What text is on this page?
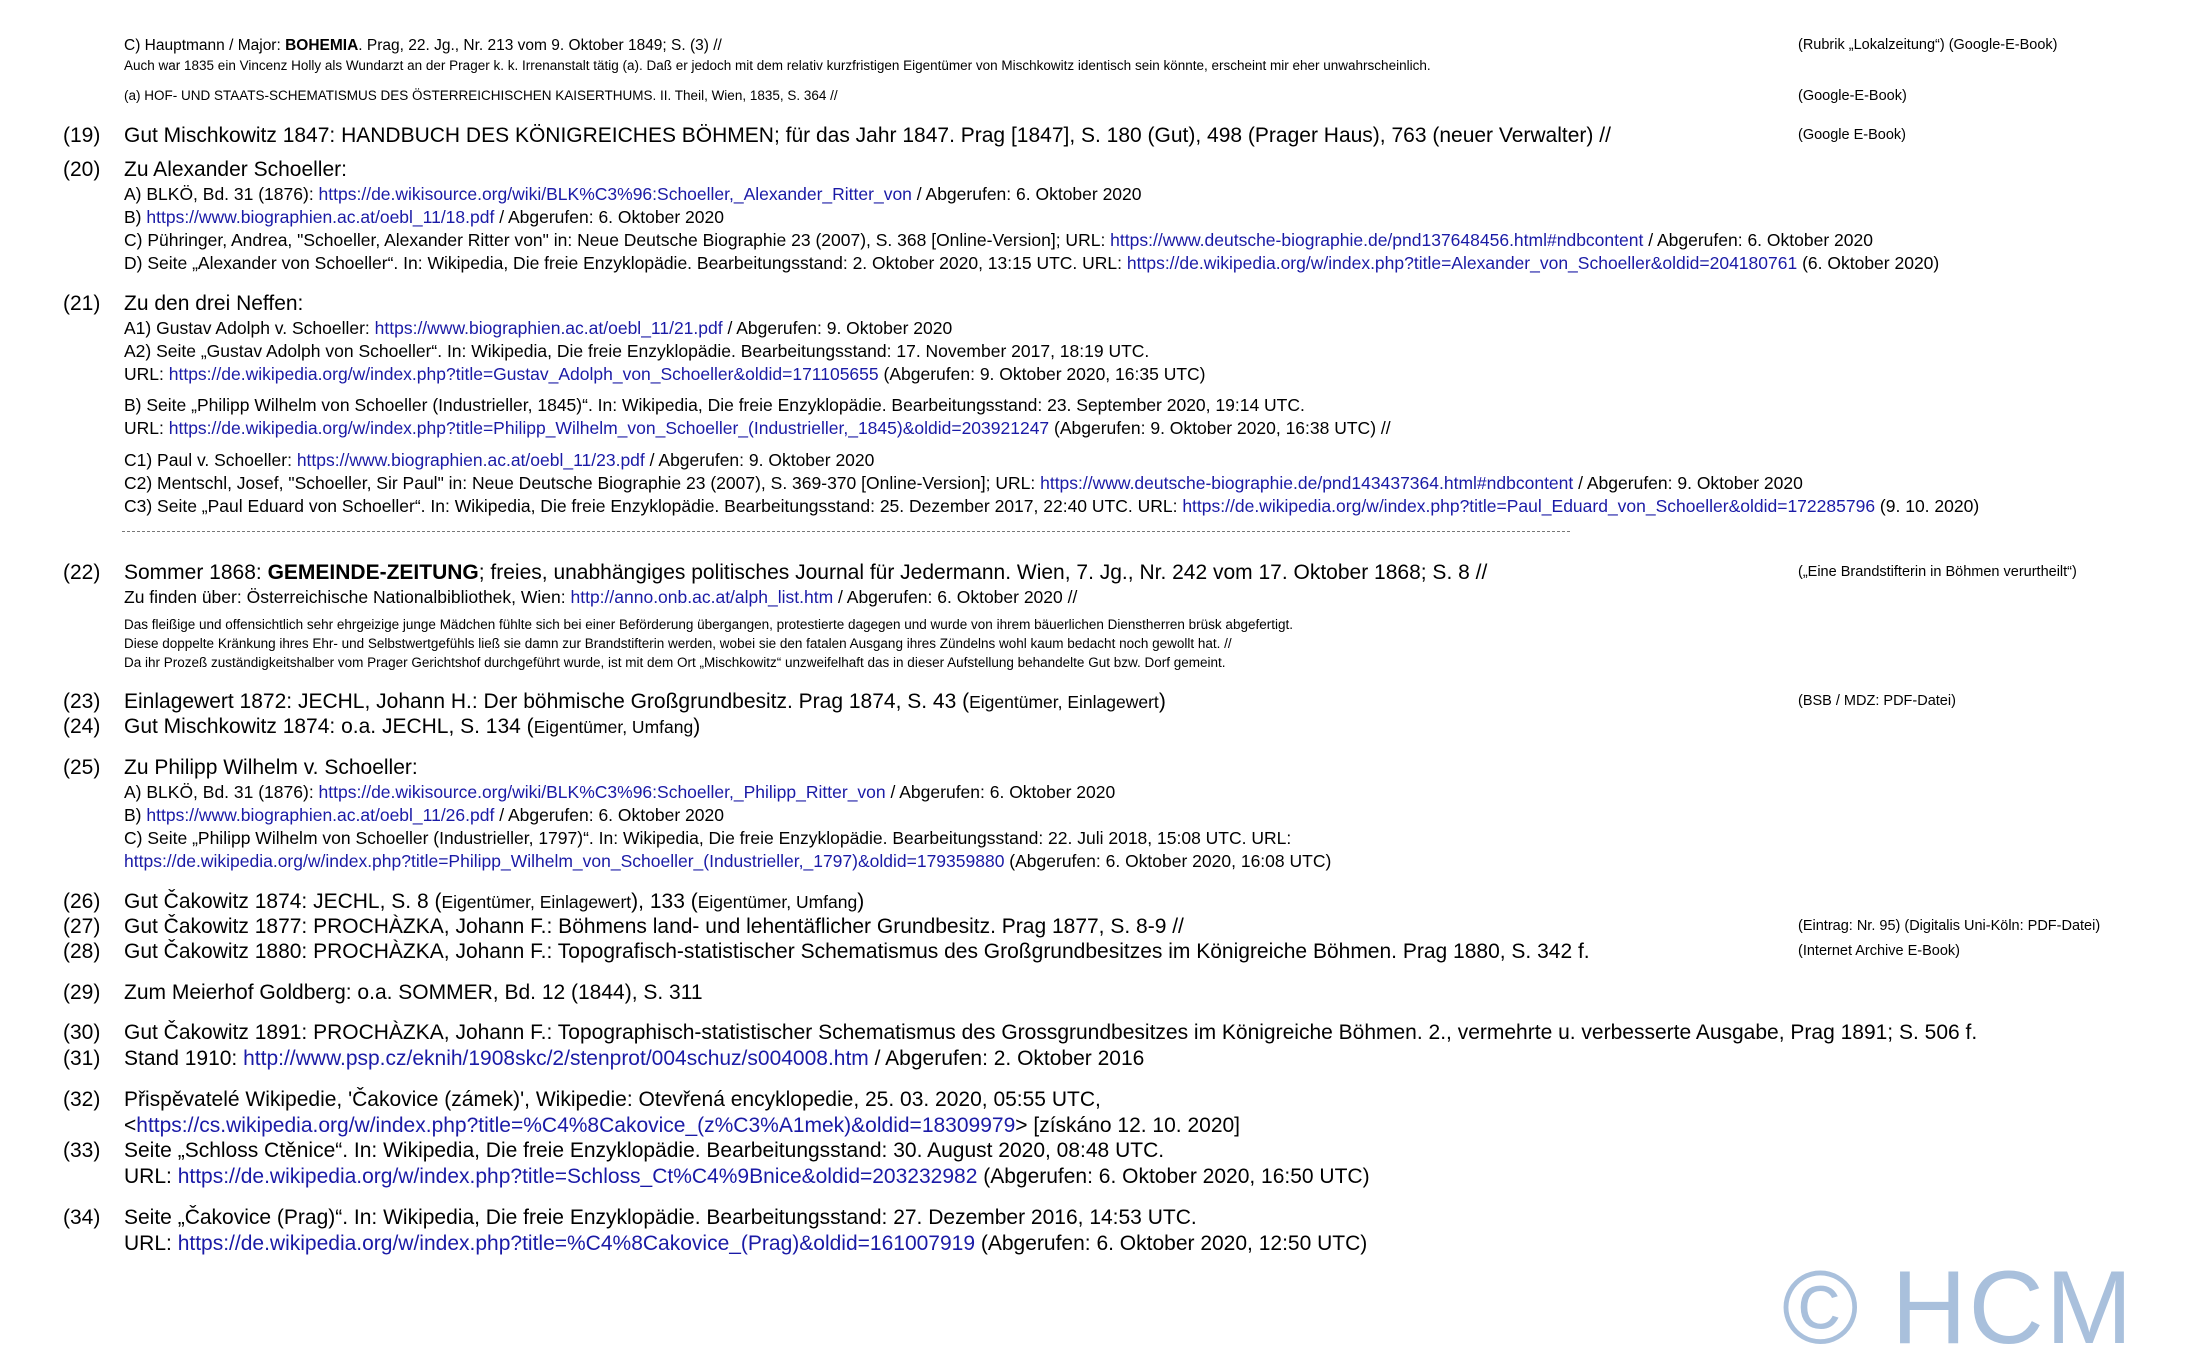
C) Hauptmann / Major: BOHEMIA. Prag, 22. Jg., Nr. 213 vom 9. Oktober 1849; S. (3) //	(Rubrik „Lokalzeitung“) (Google-E-Book)
Auch war 1835 ein Vincenz Holly als Wundarzt an der Prager k. k. Irrenanstalt tätig (a). Daß er jedoch mit dem relativ kurzfristigen Eigentümer von Mischkowitz identisch sein könnte, erscheint mir eher unwahrscheinlich.
(a) HOF- UND STAATS-SCHEMATISMUS DES ÖSTERREICHISCHEN KAISERTHUMS. II. Theil, Wien, 1835, S. 364 //	(Google-E-Book)
(19) Gut Mischkowitz 1847: HANDBUCH DES KÖNIGREICHES BÖHMEN; für das Jahr 1847. Prag [1847], S. 180 (Gut), 498 (Prager Haus), 763 (neuer Verwalter) //	(Google E-Book)
(20) Zu Alexander Schoeller:
A) BLKÖ, Bd. 31 (1876): https://de.wikisource.org/wiki/BLK%C3%96:Schoeller,_Alexander_Ritter_von / Abgerufen: 6. Oktober 2020
B) https://www.biographien.ac.at/oebl_11/18.pdf / Abgerufen: 6. Oktober 2020
C) Pühringer, Andrea, "Schoeller, Alexander Ritter von" in: Neue Deutsche Biographie 23 (2007), S. 368 [Online-Version]; URL: https://www.deutsche-biographie.de/pnd137648456.html#ndbcontent / Abgerufen: 6. Oktober 2020
D) Seite „Alexander von Schoeller“. In: Wikipedia, Die freie Enzyklopädie. Bearbeitungsstand: 2. Oktober 2020, 13:15 UTC. URL: https://de.wikipedia.org/w/index.php?title=Alexander_von_Schoeller&oldid=204180761 (6. Oktober 2020)
(21) Zu den drei Neffen:
A1) Gustav Adolph v. Schoeller: https://www.biographien.ac.at/oebl_11/21.pdf / Abgerufen: 9. Oktober 2020
A2) Seite „Gustav Adolph von Schoeller“. In: Wikipedia, Die freie Enzyklopädie. Bearbeitungsstand: 17. November 2017, 18:19 UTC.
URL: https://de.wikipedia.org/w/index.php?title=Gustav_Adolph_von_Schoeller&oldid=171105655 (Abgerufen: 9. Oktober 2020, 16:35 UTC)
B) Seite „Philipp Wilhelm von Schoeller (Industrieller, 1845)“. In: Wikipedia, Die freie Enzyklopädie. Bearbeitungsstand: 23. September 2020, 19:14 UTC.
URL: https://de.wikipedia.org/w/index.php?title=Philipp_Wilhelm_von_Schoeller_(Industrieller,_1845)&oldid=203921247 (Abgerufen: 9. Oktober 2020, 16:38 UTC) //
C1) Paul v. Schoeller: https://www.biographien.ac.at/oebl_11/23.pdf / Abgerufen: 9. Oktober 2020
C2) Mentschl, Josef, "Schoeller, Sir Paul" in: Neue Deutsche Biographie 23 (2007), S. 369-370 [Online-Version]; URL: https://www.deutsche-biographie.de/pnd143437364.html#ndbcontent / Abgerufen: 9. Oktober 2020
C3) Seite „Paul Eduard von Schoeller“. In: Wikipedia, Die freie Enzyklopädie. Bearbeitungsstand: 25. Dezember 2017, 22:40 UTC. URL: https://de.wikipedia.org/w/index.php?title=Paul_Eduard_von_Schoeller&oldid=172285796 (9. 10. 2020)
(22) Sommer 1868: GEMEINDE-ZEITUNG; freies, unabhängiges politisches Journal für Jedermann. Wien, 7. Jg., Nr. 242 vom 17. Oktober 1868; S. 8 //	(„Eine Brandstifterin in Böhmen verurtheilt“)
Zu finden über: Österreichische Nationalbibliothek, Wien: http://anno.onb.ac.at/alph_list.htm / Abgerufen: 6. Oktober 2020 //
Das fleißige und offensichtlich sehr ehrgeizige junge Mädchen fühlte sich bei einer Beförderung übergangen, protestierte dagegen und wurde von ihrem bäuerlichen Dienstherren brüsk abgefertigt.
Diese doppelte Kränkung ihres Ehr- und Selbstwertgefühls ließ sie damn zur Brandstifterin werden, wobei sie den fatalen Ausgang ihres Zündelns wohl kaum bedacht noch gewollt hat. //
Da ihr Prozeß zuständigkeitshalber vom Prager Gerichtshof durchgeführt wurde, ist mit dem Ort „Mischkowitz“ unzweifelhaft das in dieser Aufstellung behandelte Gut bzw. Dorf gemeint.
(23) Einlagewert 1872: JECHL, Johann H.: Der böhmische Großgrundbesitz. Prag 1874, S. 43 (Eigentümer, Einlagewert)	(BSB / MDZ: PDF-Datei)
(24) Gut Mischkowitz 1874: o.a. JECHL, S. 134 (Eigentümer, Umfang)
(25) Zu Philipp Wilhelm v. Schoeller:
A) BLKÖ, Bd. 31 (1876): https://de.wikisource.org/wiki/BLK%C3%96:Schoeller,_Philipp_Ritter_von / Abgerufen: 6. Oktober 2020
B) https://www.biographien.ac.at/oebl_11/26.pdf / Abgerufen: 6. Oktober 2020
C) Seite „Philipp Wilhelm von Schoeller (Industrieller, 1797)“. In: Wikipedia, Die freie Enzyklopädie. Bearbeitungsstand: 22. Juli 2018, 15:08 UTC. URL:
https://de.wikipedia.org/w/index.php?title=Philipp_Wilhelm_von_Schoeller_(Industrieller,_1797)&oldid=179359880 (Abgerufen: 6. Oktober 2020, 16:08 UTC)
(26) Gut Čakowitz 1874: JECHL, S. 8 (Eigentümer, Einlagewert), 133 (Eigentümer, Umfang)
(27) Gut Čakowitz 1877: PROCHÀZKA, Johann F.: Böhmens land- und lehentäflicher Grundbesitz. Prag 1877, S. 8-9 //	(Eintrag: Nr. 95) (Digitalis Uni-Köln: PDF-Datei)
(28) Gut Čakowitz 1880: PROCHÀZKA, Johann F.: Topografisch-statistischer Schematismus des Großgrundbesitzes im Königreiche Böhmen. Prag 1880, S. 342 f.	(Internet Archive E-Book)
(29) Zum Meierhof Goldberg: o.a. SOMMER, Bd. 12 (1844), S. 311
(30) Gut Čakowitz 1891: PROCHÀZKA, Johann F.: Topographisch-statistischer Schematismus des Grossgrundbesitzes im Königreiche Böhmen. 2., vermehrte u. verbesserte Ausgabe, Prag 1891; S. 506 f.
(31) Stand 1910: http://www.psp.cz/eknih/1908skc/2/stenprot/004schuz/s004008.htm / Abgerufen: 2. Oktober 2016
(32) Přispěvatelé Wikipedie, 'Čakovice (zámek)', Wikipedie: Otevřená encyklopedie, 25. 03. 2020, 05:55 UTC,
<https://cs.wikipedia.org/w/index.php?title=%C4%8Cakovice_(z%C3%A1mek)&oldid=18309979> [získáno 12. 10. 2020]
(33) Seite „Schloss Ctěnice“. In: Wikipedia, Die freie Enzyklopädie. Bearbeitungsstand: 30. August 2020, 08:48 UTC.
URL: https://de.wikipedia.org/w/index.php?title=Schloss_Ct%C4%9Bnice&oldid=203232982 (Abgerufen: 6. Oktober 2020, 16:50 UTC)
(34) Seite „Čakovice (Prag)“. In: Wikipedia, Die freie Enzyklopädie. Bearbeitungsstand: 27. Dezember 2016, 14:53 UTC.
URL: https://de.wikipedia.org/w/index.php?title=%C4%8Cakovice_(Prag)&oldid=161007919 (Abgerufen: 6. Oktober 2020, 12:50 UTC)
© HCM
